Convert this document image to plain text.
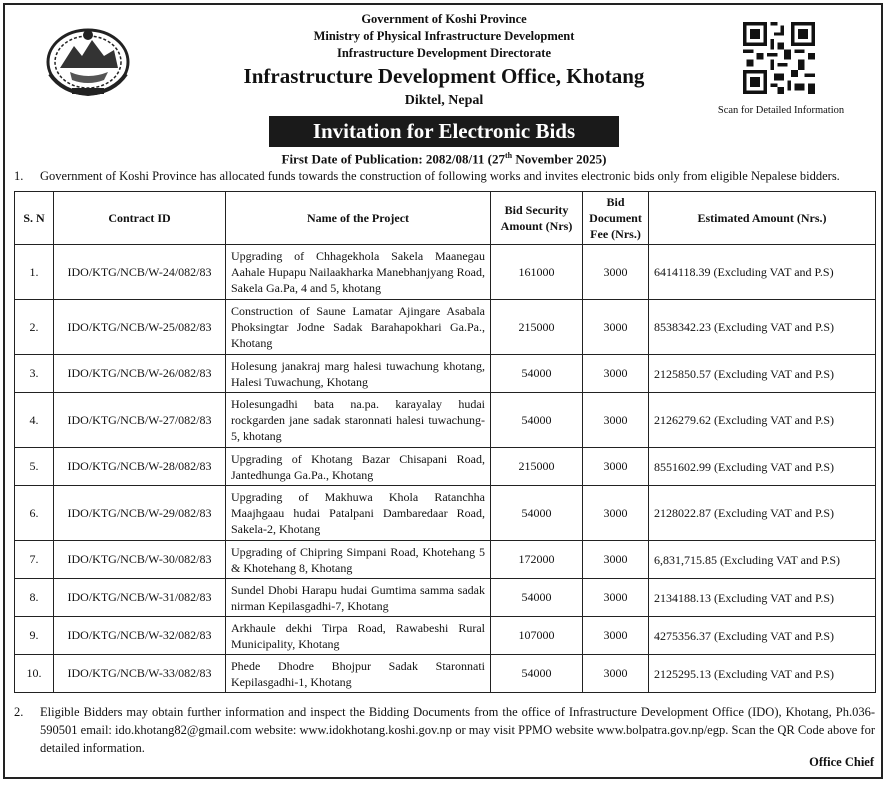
Government of Koshi Province
Ministry of Physical Infrastructure Development
Infrastructure Development Directorate
Infrastructure Development Office, Khotang
Diktel, Nepal
Invitation for Electronic Bids
First Date of Publication: 2082/08/11 (27th November 2025)
Scan for Detailed Information

1. Government of Koshi Province has allocated funds towards the construction of following works and invites electronic bids only from eligible Nepalese bidders.
S. N	Contract ID	Name of the Project	Bid Security Amount (Nrs)	Bid Document Fee (Nrs.)	Estimated Amount (Nrs.)
1.	IDO/KTG/NCB/W-24/082/83	Upgrading of Chhagekhola Sakela Maanegau Aahale Hupapu Nailaakharka Manebhanjyang Road, Sakela Ga.Pa, 4 and 5, khotang	161000	3000	6414118.39 (Excluding VAT and P.S)
2.	IDO/KTG/NCB/W-25/082/83	Construction of Saune Lamatar Ajingare Asabala Phoksingtar Jodne Sadak Barahapokhari Ga.Pa., Khotang	215000	3000	8538342.23 (Excluding VAT and P.S)
3.	IDO/KTG/NCB/W-26/082/83	Holesung janakraj marg halesi tuwachung khotang, Halesi Tuwachung, Khotang	54000	3000	2125850.57 (Excluding VAT and P.S)
4.	IDO/KTG/NCB/W-27/082/83	Holesungadhi bata na.pa. karayalay hudai rockgarden jane sadak staronnati halesi tuwachung-5, khotang	54000	3000	2126279.62 (Excluding VAT and P.S)
5.	IDO/KTG/NCB/W-28/082/83	Upgrading of Khotang Bazar Chisapani Road, Jantedhunga Ga.Pa., Khotang	215000	3000	8551602.99 (Excluding VAT and P.S)
6.	IDO/KTG/NCB/W-29/082/83	Upgrading of Makhuwa Khola Ratanchha Maajhgaau hudai Patalpani Dambaredaar Road, Sakela-2, Khotang	54000	3000	2128022.87 (Excluding VAT and P.S)
7.	IDO/KTG/NCB/W-30/082/83	Upgrading of Chipring Simpani Road, Khotehang 5 & Khotehang 8, Khotang	172000	3000	6,831,715.85 (Excluding VAT and P.S)
8.	IDO/KTG/NCB/W-31/082/83	Sundel Dhobi Harapu hudai Gumtima samma sadak nirman Kepilasgadhi-7, Khotang	54000	3000	2134188.13 (Excluding VAT and P.S)
9.	IDO/KTG/NCB/W-32/082/83	Arkhaule dekhi Tirpa Road, Rawabeshi Rural Municipality, Khotang	107000	3000	4275356.37 (Excluding VAT and P.S)
10.	IDO/KTG/NCB/W-33/082/83	Phede Dhodre Bhojpur Sadak Staronnati Kepilasgadhi-1, Khotang	54000	3000	2125295.13 (Excluding VAT and P.S)
2. Eligible Bidders may obtain further information and inspect the Bidding Documents from the office of Infrastructure Development Office (IDO), Khotang, Ph.036-590501 email: ido.khotang82@gmail.com website: www.idokhotang.koshi.gov.np or may visit PPMO website www.bolpatra.gov.np/egp. Scan the QR Code above for detailed information.
Office Chief
